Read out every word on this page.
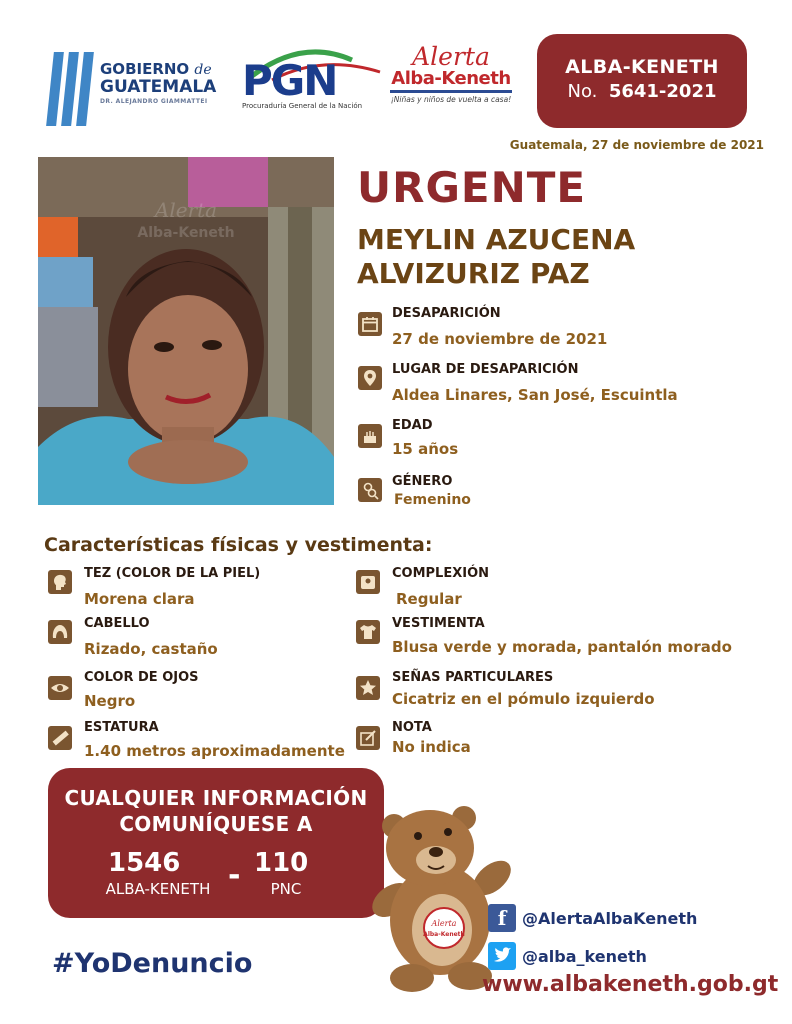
GOBIERNO de
GUATEMALA
DR. ALEJANDRO GIAMMATTEI PGN
Procuraduría General de la Nación
Alerta
Alba-Keneth
¡Niñas y niños de vuelta a casa!
ALBA-KENETH
No. 5641-2021
Guatemala, 27 de noviembre de 2021
Alerta
Alba-Keneth
URGENTE
MEYLIN AZUCENA
ALVIZURIZ PAZ
DESAPARICIÓN
27 de noviembre de 2021
LUGAR DE DESAPARICIÓN
Aldea Linares, San José, Escuintla
EDAD
15 años
GÉNERO
Femenino
Características físicas y vestimenta:
TEZ (COLOR DE LA PIEL)
Morena clara
CABELLO
Rizado, castaño
COLOR DE OJOS
Negro
ESTATURA
1.40 metros aproximadamente
COMPLEXIÓN
Regular
VESTIMENTA
Blusa verde y morada, pantalón morado
SEÑAS PARTICULARES
Cicatriz en el pómulo izquierdo
NOTA
No indica
CUALQUIER INFORMACIÓN
COMUNÍQUESE A
1546
ALBA-KENETH - 110
PNC
#YoDenuncio
Alerta
Alba-Keneth
f @AlertaAlbaKeneth
@alba_keneth
www.albakeneth.gob.gt
